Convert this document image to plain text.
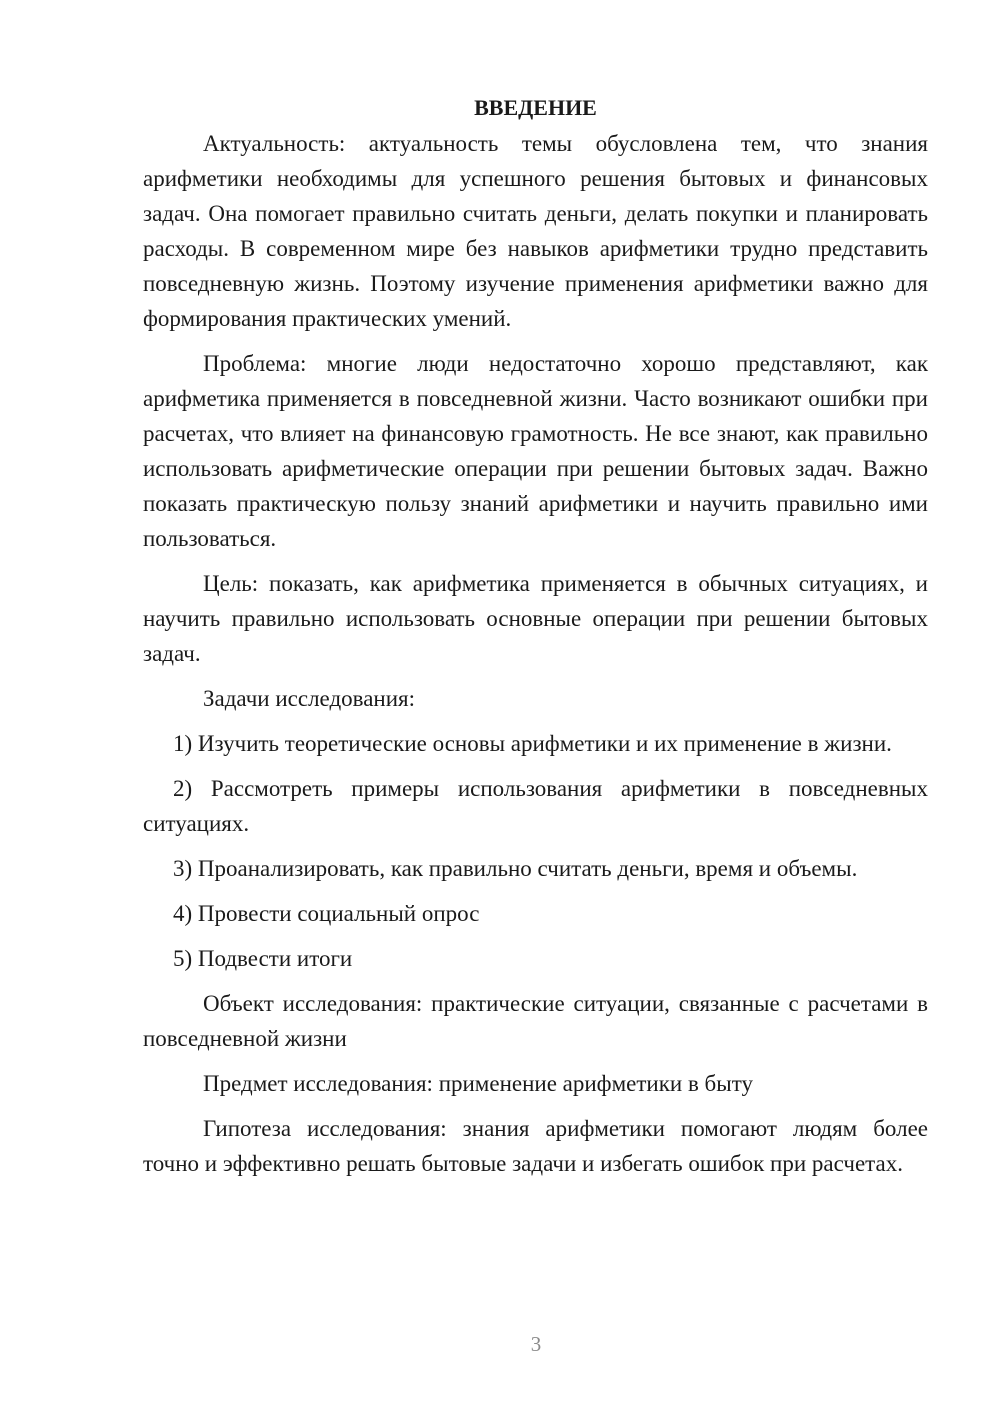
ВВЕДЕНИЕ

Актуальность: актуальность темы обусловлена тем, что знания арифметики необходимы для успешного решения бытовых и финансовых задач. Она помогает правильно считать деньги, делать покупки и планировать расходы. В современном мире без навыков арифметики трудно представить повседневную жизнь. Поэтому изучение применения арифметики важно для формирования практических умений.

Проблема: многие люди недостаточно хорошо представляют, как арифметика применяется в повседневной жизни. Часто возникают ошибки при расчетах, что влияет на финансовую грамотность. Не все знают, как правильно использовать арифметические операции при решении бытовых задач. Важно показать практическую пользу знаний арифметики и научить правильно ими пользоваться.

Цель: показать, как арифметика применяется в обычных ситуациях, и научить правильно использовать основные операции при решении бытовых задач.

Задачи исследования:

1) Изучить теоретические основы арифметики и их применение в жизни.

2) Рассмотреть примеры использования арифметики в повседневных ситуациях.

3) Проанализировать, как правильно считать деньги, время и объемы.

4) Провести социальный опрос

5) Подвести итоги

Объект исследования: практические ситуации, связанные с расчетами в повседневной жизни

Предмет исследования: применение арифметики в быту

Гипотеза исследования: знания арифметики помогают людям более точно и эффективно решать бытовые задачи и избегать ошибок при расчетах.

3
